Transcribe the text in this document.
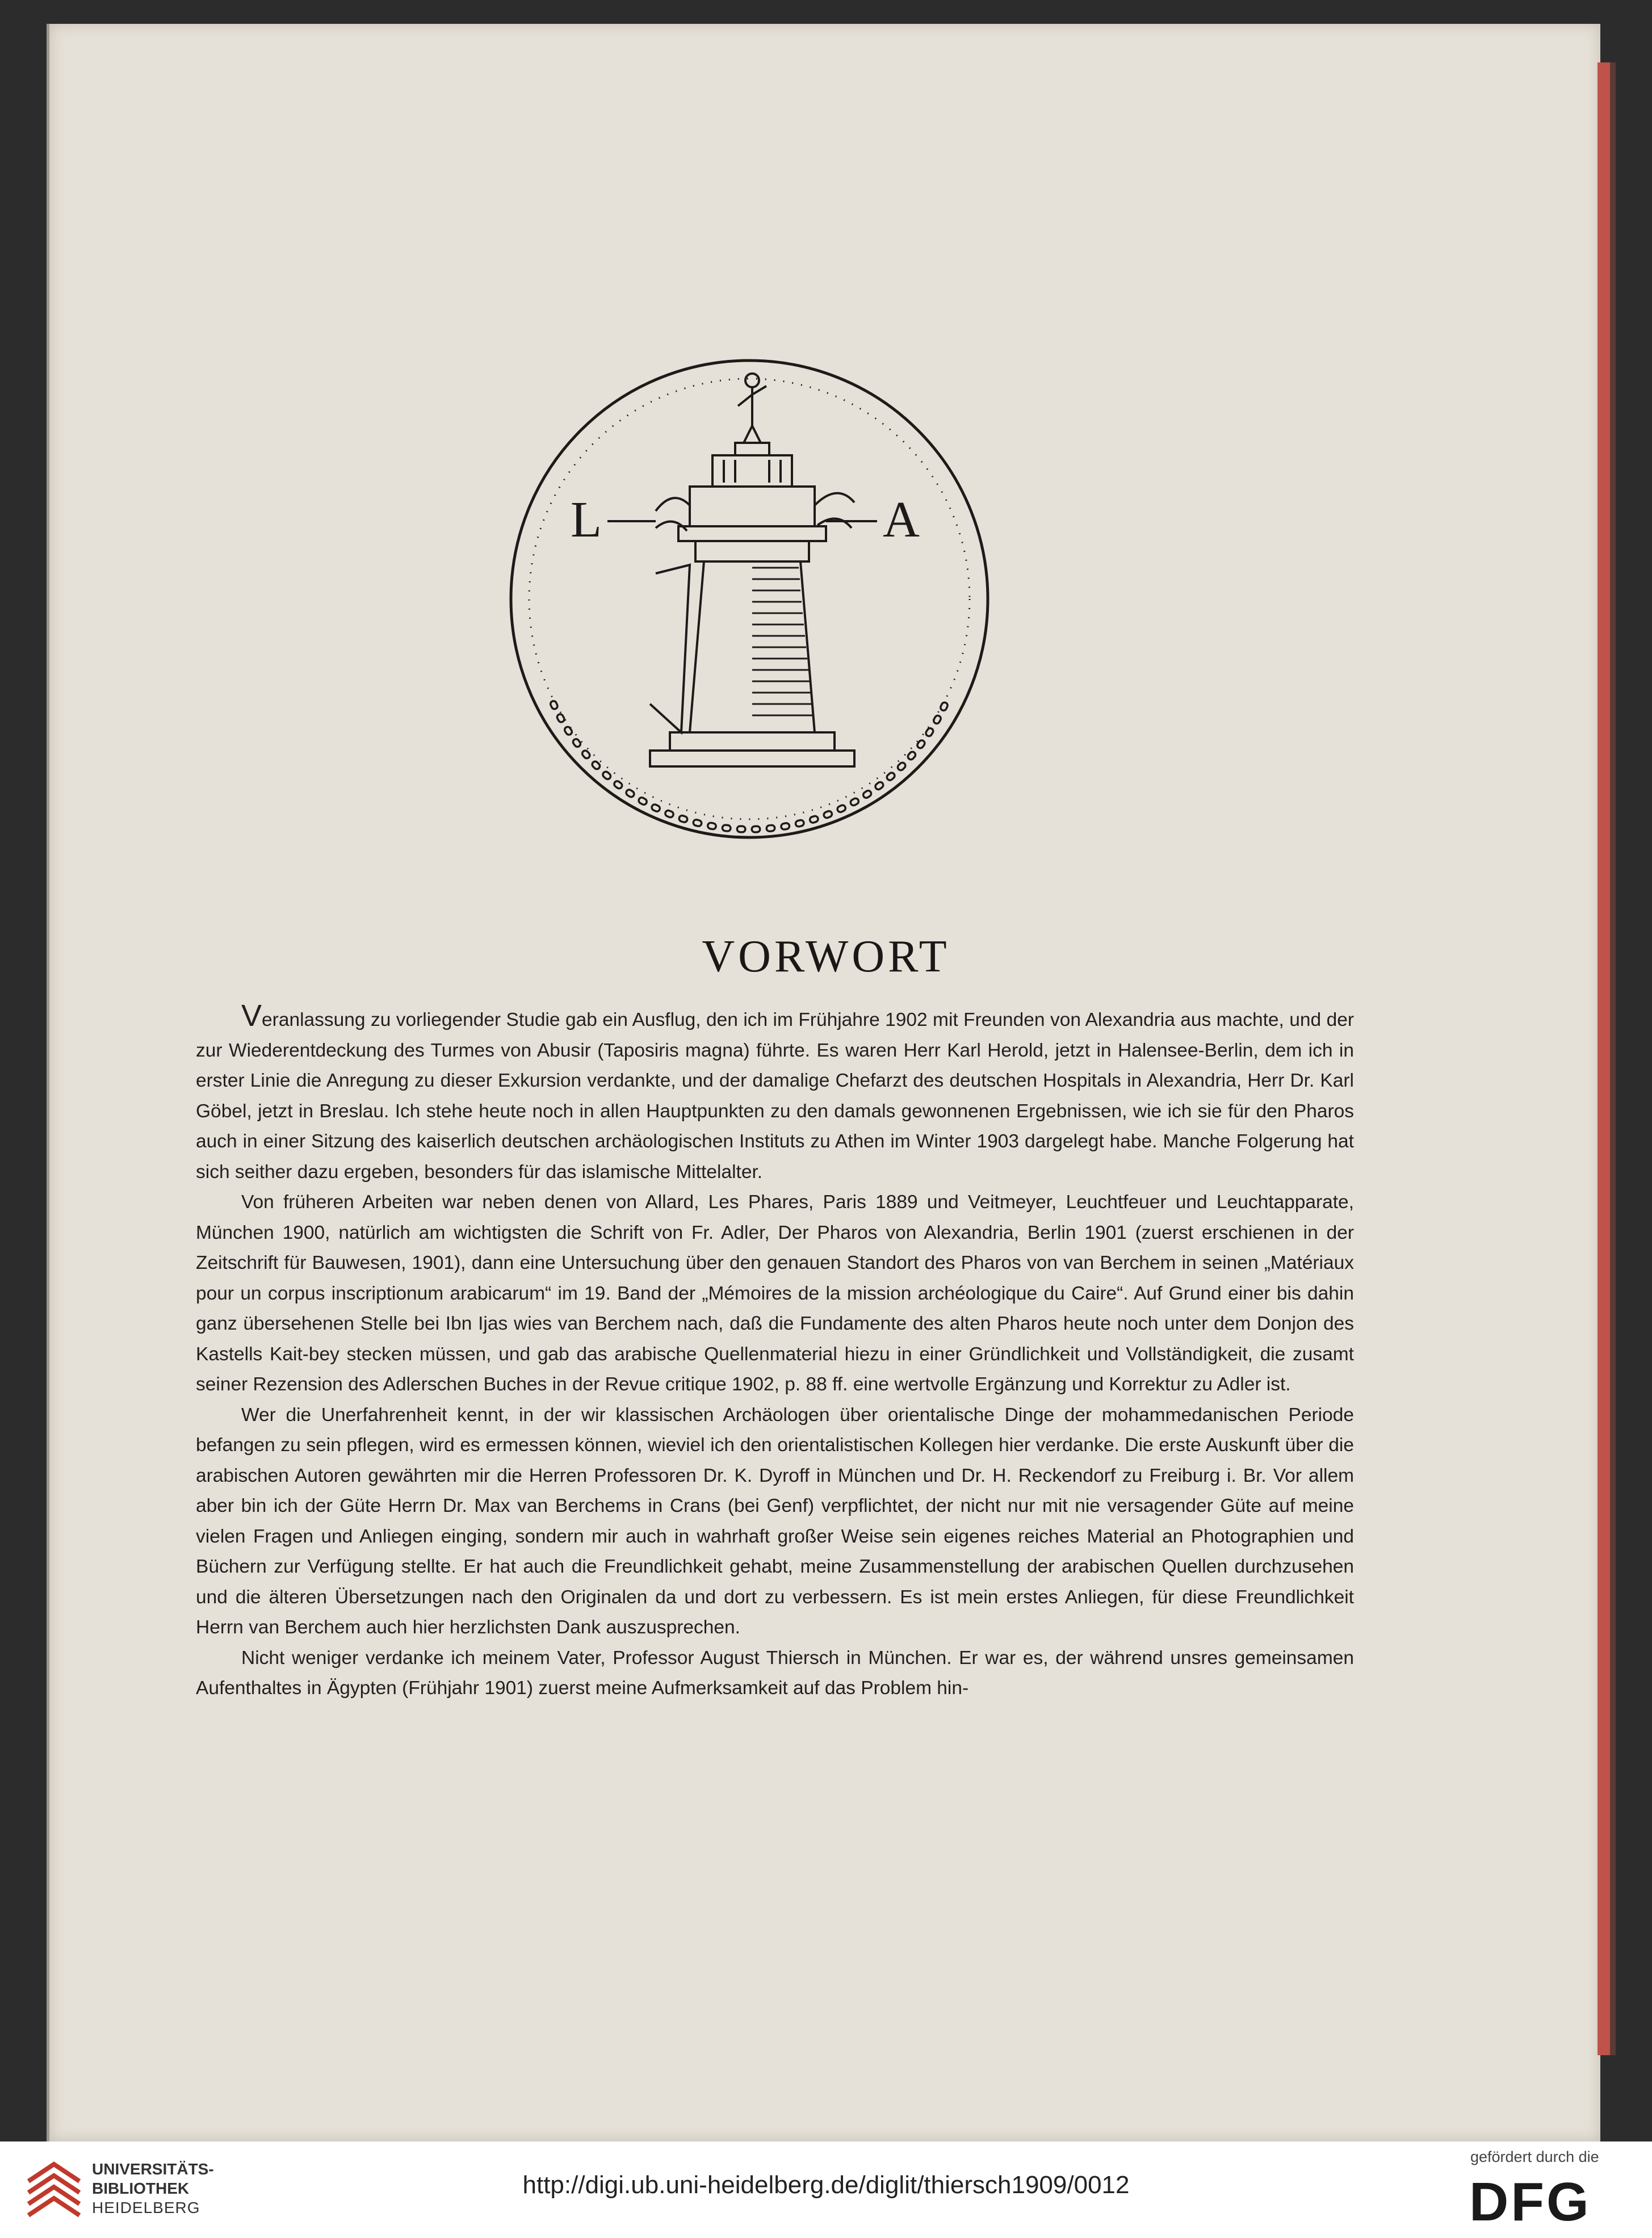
L	A
VORWORT

Veranlassung zu vorliegender Studie gab ein Ausflug, den ich im Frühjahre 1902 mit Freunden von Alexandria aus machte, und der zur Wiederentdeckung des Turmes von Abusir (Taposiris magna) führte. Es waren Herr Karl Herold, jetzt in Halensee-Berlin, dem ich in erster Linie die Anregung zu dieser Exkursion verdankte, und der damalige Chefarzt des deutschen Hospitals in Alexandria, Herr Dr. Karl Göbel, jetzt in Breslau. Ich stehe heute noch in allen Hauptpunkten zu den damals gewonnenen Ergebnissen, wie ich sie für den Pharos auch in einer Sitzung des kaiserlich deutschen archäologischen Instituts zu Athen im Winter 1903 dargelegt habe. Manche Folgerung hat sich seither dazu ergeben, besonders für das islamische Mittelalter.

Von früheren Arbeiten war neben denen von Allard, Les Phares, Paris 1889 und Veitmeyer, Leuchtfeuer und Leuchtapparate, München 1900, natürlich am wichtigsten die Schrift von Fr. Adler, Der Pharos von Alexandria, Berlin 1901 (zuerst erschienen in der Zeitschrift für Bauwesen, 1901), dann eine Untersuchung über den genauen Standort des Pharos von van Berchem in seinen „Matériaux pour un corpus inscriptionum arabicarum“ im 19. Band der „Mémoires de la mission archéologique du Caire“. Auf Grund einer bis dahin ganz übersehenen Stelle bei Ibn Ijas wies van Berchem nach, daß die Fundamente des alten Pharos heute noch unter dem Donjon des Kastells Kait-bey stecken müssen, und gab das arabische Quellenmaterial hiezu in einer Gründlichkeit und Vollständigkeit, die zusamt seiner Rezension des Adlerschen Buches in der Revue critique 1902, p. 88 ff. eine wertvolle Ergänzung und Korrektur zu Adler ist.

Wer die Unerfahrenheit kennt, in der wir klassischen Archäologen über orientalische Dinge der mohammedanischen Periode befangen zu sein pflegen, wird es ermessen können, wieviel ich den orientalistischen Kollegen hier verdanke. Die erste Auskunft über die arabischen Autoren gewährten mir die Herren Professoren Dr. K. Dyroff in München und Dr. H. Reckendorf zu Freiburg i. Br. Vor allem aber bin ich der Güte Herrn Dr. Max van Berchems in Crans (bei Genf) verpflichtet, der nicht nur mit nie versagender Güte auf meine vielen Fragen und Anliegen einging, sondern mir auch in wahrhaft großer Weise sein eigenes reiches Material an Photographien und Büchern zur Verfügung stellte. Er hat auch die Freundlichkeit gehabt, meine Zusammenstellung der arabischen Quellen durchzusehen und die älteren Übersetzungen nach den Originalen da und dort zu verbessern. Es ist mein erstes Anliegen, für diese Freundlichkeit Herrn van Berchem auch hier herzlichsten Dank auszusprechen.

Nicht weniger verdanke ich meinem Vater, Professor August Thiersch in München. Er war es, der während unsres gemeinsamen Aufenthaltes in Ägypten (Frühjahr 1901) zuerst meine Aufmerksamkeit auf das Problem hin-

UNIVERSITÄTS-
BIBLIOTHEK
HEIDELBERG
http://digi.ub.uni-heidelberg.de/diglit/thiersch1909/0012
gefördert durch die
DFG
